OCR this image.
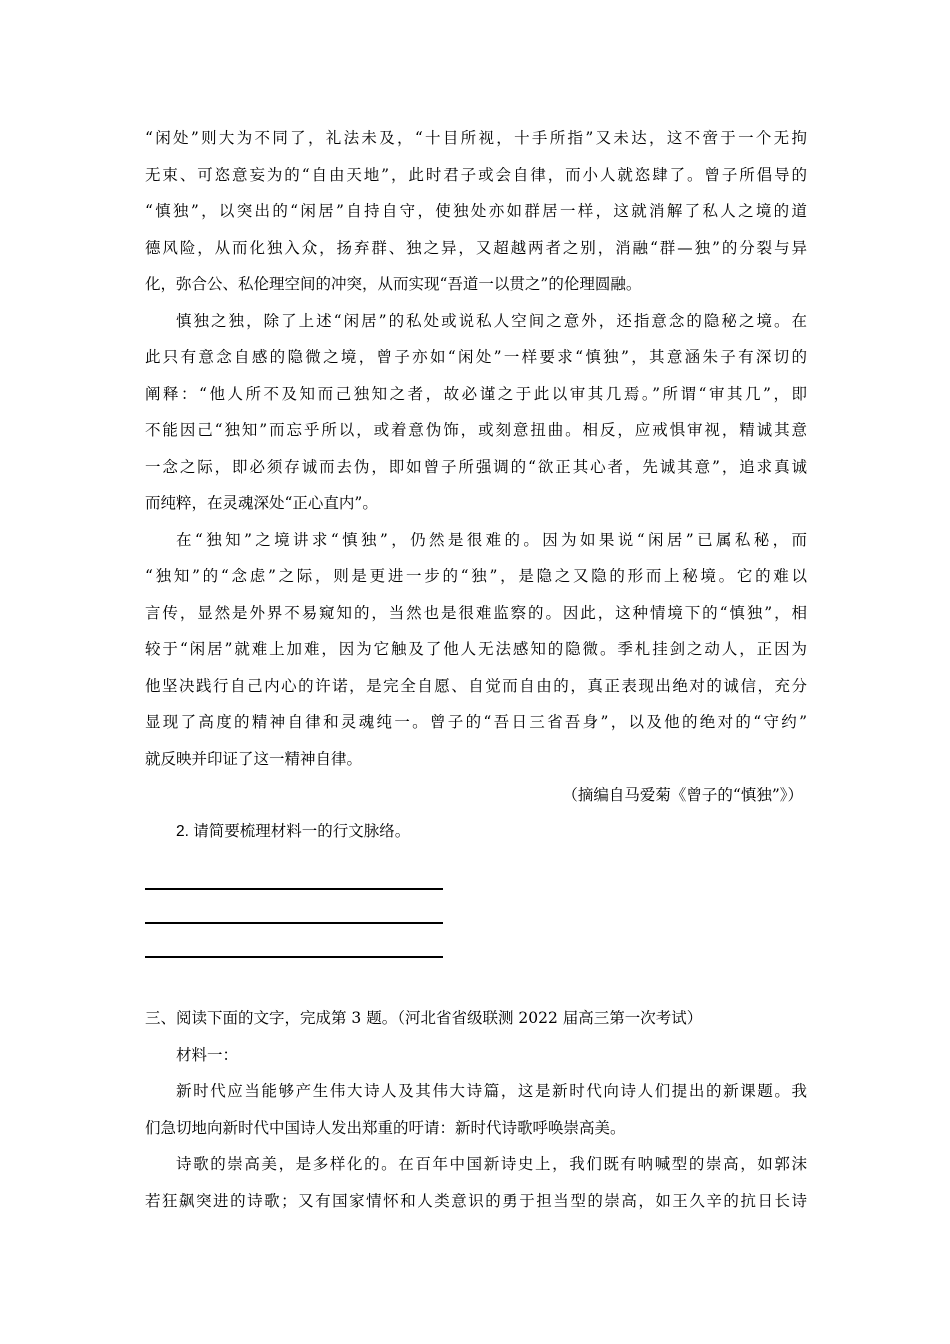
“闲处”则大为不同了，礼法未及，“十目所视，十手所指”又未达，这不啻于一个无拘
无束、可恣意妄为的“自由天地”，此时君子或会自律，而小人就恣肆了。曾子所倡导的
“慎独”，以突出的“闲居”自持自守，使独处亦如群居一样，这就消解了私人之境的道
德风险，从而化独入众，扬弃群、独之异，又超越两者之别，消融“群—独”的分裂与异
化，弥合公、私伦理空间的冲突，从而实现“吾道一以贯之”的伦理圆融。
慎独之独，除了上述“闲居”的私处或说私人空间之意外，还指意念的隐秘之境。在
此只有意念自感的隐微之境，曾子亦如“闲处”一样要求“慎独”，其意涵朱子有深切的
阐释：“他人所不及知而己独知之者，故必谨之于此以审其几焉。”所谓“审其几”，即
不能因己“独知”而忘乎所以，或着意伪饰，或刻意扭曲。相反，应戒惧审视，精诚其意
一念之际，即必须存诚而去伪，即如曾子所强调的“欲正其心者，先诚其意”，追求真诚
而纯粹，在灵魂深处“正心直内”。
在“独知”之境讲求“慎独”，仍然是很难的。因为如果说“闲居”已属私秘，而
“独知”的“念虑”之际，则是更进一步的“独”，是隐之又隐的形而上秘境。它的难以
言传，显然是外界不易窥知的，当然也是很难监察的。因此，这种情境下的“慎独”，相
较于“闲居”就难上加难，因为它触及了他人无法感知的隐微。季札挂剑之动人，正因为
他坚决践行自己内心的许诺，是完全自愿、自觉而自由的，真正表现出绝对的诚信，充分
显现了高度的精神自律和灵魂纯一。曾子的“吾日三省吾身”，以及他的绝对的“守约”
就反映并印证了这一精神自律。
（摘编自马爱菊《曾子的“慎独”》）
2. 请简要梳理材料一的行文脉络。
三、阅读下面的文字，完成第 3 题。（河北省省级联测 2022 届高三第一次考试）
材料一：
新时代应当能够产生伟大诗人及其伟大诗篇，这是新时代向诗人们提出的新课题。我
们急切地向新时代中国诗人发出郑重的吁请：新时代诗歌呼唤崇高美。
诗歌的崇高美，是多样化的。在百年中国新诗史上，我们既有呐喊型的崇高，如郭沫
若狂飙突进的诗歌；又有国家情怀和人类意识的勇于担当型的崇高，如王久辛的抗日长诗
